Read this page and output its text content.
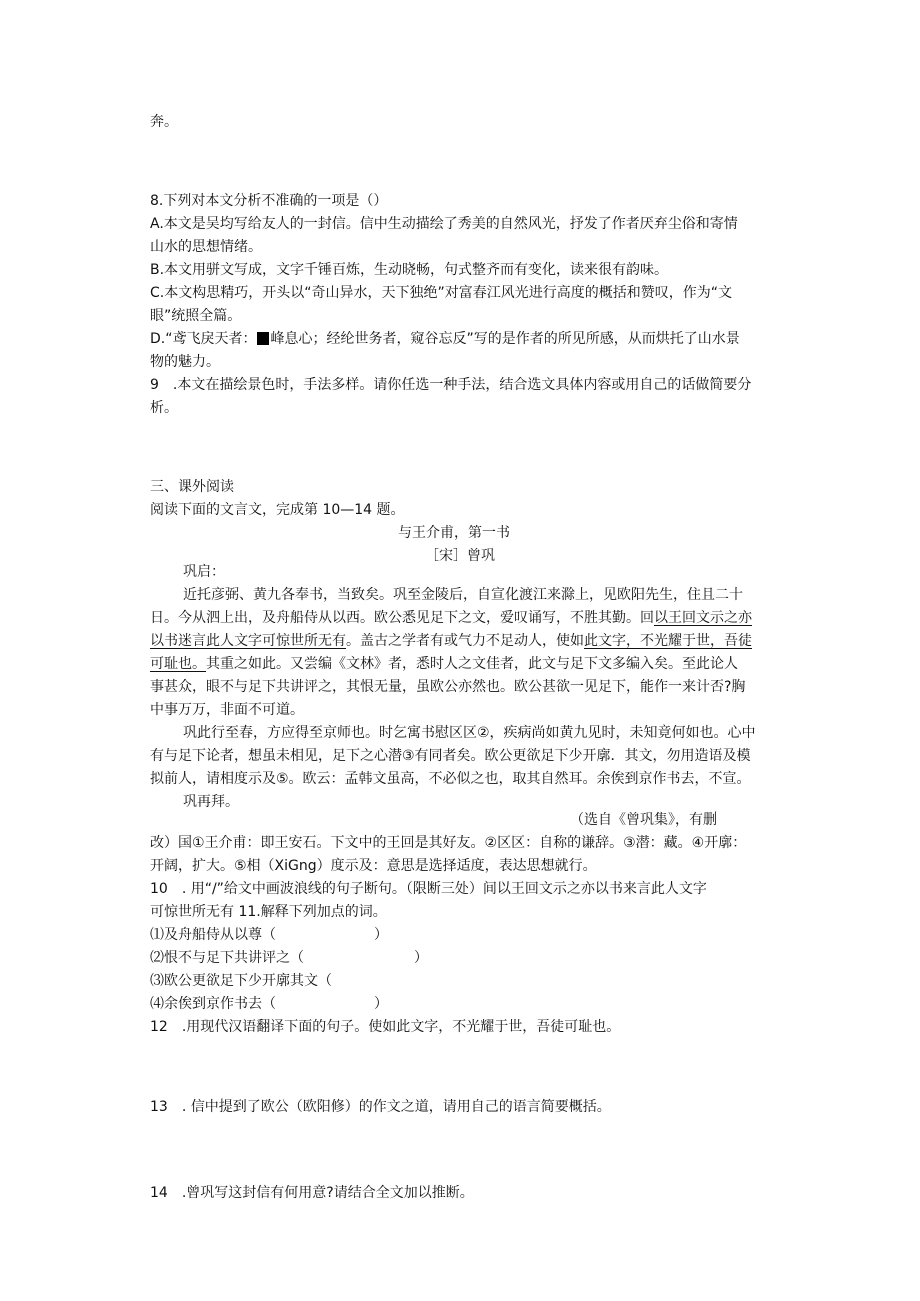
奔。
8.下列对本文分析不准确的一项是（）
A.本文是吴均写给友人的一封信。信中生动描绘了秀美的自然风光，抒发了作者厌弃尘俗和寄情
山水的思想情绪。
B.本文用骈文写成，文字千锤百炼，生动晓畅，句式整齐而有变化，读来很有韵味。
C.本文构思精巧，开头以“奇山异水，天下独绝”对富春江风光进行高度的概括和赞叹，作为“文
眼”统照全篇。
D.“鸢飞戾天者： 峰息心；经纶世务者，窥谷忘反”写的是作者的所见所感，从而烘托了山水景
物的魅力。
9　.本文在描绘景色时，手法多样。请你任选一种手法，结合选文具体内容或用自己的话做简要分
析。
三、课外阅读
阅读下面的文言文，完成第 10—14 题。
与王介甫，第一书
［宋］曾巩
巩启：
近托彦弼、黄九各奉书，当致矣。巩至金陵后，自宣化渡江来滁上，见欧阳先生，住且二十
日。今从泗上出，及舟船侍从以西。欧公悉见足下之文，爱叹诵写，不胜其勤。回以王回文示之亦
以书迷言此人文字可惊世所无有。盖古之学者有或气力不足动人，使如此文字，不光耀于世，吾徒
可耻也。其重之如此。又尝编《文林》者，悉时人之文佳者，此文与足下文多编入矣。至此论人
事甚众，眼不与足下共讲评之，其恨无量，虽欧公亦然也。欧公甚欲一见足下，能作一来计否?胸
中事万万，非面不可道。
巩此行至春，方应得至京师也。时乞寓书慰区区②，疾病尚如黄九见时，未知竟何如也。心中
有与足下论者，想虽未相见，足下之心潜③有同者矣。欧公更欲足下少开廓．其文，勿用造语及模
拟前人，请相度示及⑤。欧云：孟韩文虽高，不必似之也，取其自然耳。余俟到京作书去，不宣。
巩再拜。
（选自《曾巩集》，有删
改）国①王介甫：即王安石。下文中的王回是其好友。②区区：自称的谦辞。③潜：藏。④开廓：
开阔，扩大。⑤相（XiGng）度示及：意思是选择适度，表达思想就行。
10　. 用“/”给文中画波浪线的句子断句。（限断三处）间以王回文示之亦以书来言此人文字
可惊世所无有 11.解释下列加点的词。
⑴及舟船侍从以尊（	）
⑵恨不与足下共讲评之（	）
⑶欧公更欲足下少开廓其文（
⑷余俟到京作书去（	）
12　.用现代汉语翻译下面的句子。使如此文字，不光耀于世，吾徒可耻也。
13　. 信中提到了欧公（欧阳修）的作文之道，请用自己的语言简要概括。
14　.曾巩写这封信有何用意?请结合全文加以推断。
